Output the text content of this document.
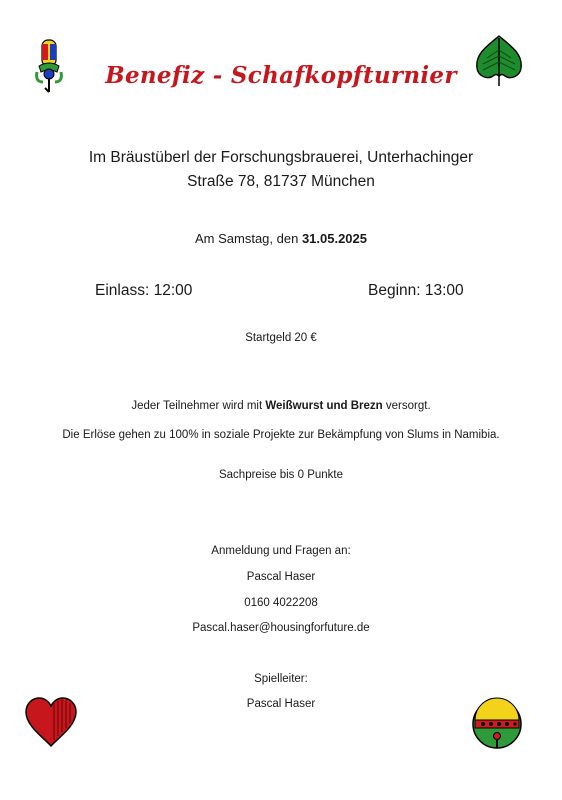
Benefiz - Schafkopfturnier
Im Bräustüberl der Forschungsbrauerei, Unterhachinger
Straße 78, 81737 München
Am Samstag, den 31.05.2025
Einlass: 12:00	Beginn: 13:00
Startgeld 20 €
Jeder Teilnehmer wird mit Weißwurst und Brezn versorgt.
Die Erlöse gehen zu 100% in soziale Projekte zur Bekämpfung von Slums in Namibia.
Sachpreise bis 0 Punkte
Anmeldung und Fragen an:
Pascal Haser
0160 4022208
Pascal.haser@housingforfuture.de
Spielleiter:
Pascal Haser
